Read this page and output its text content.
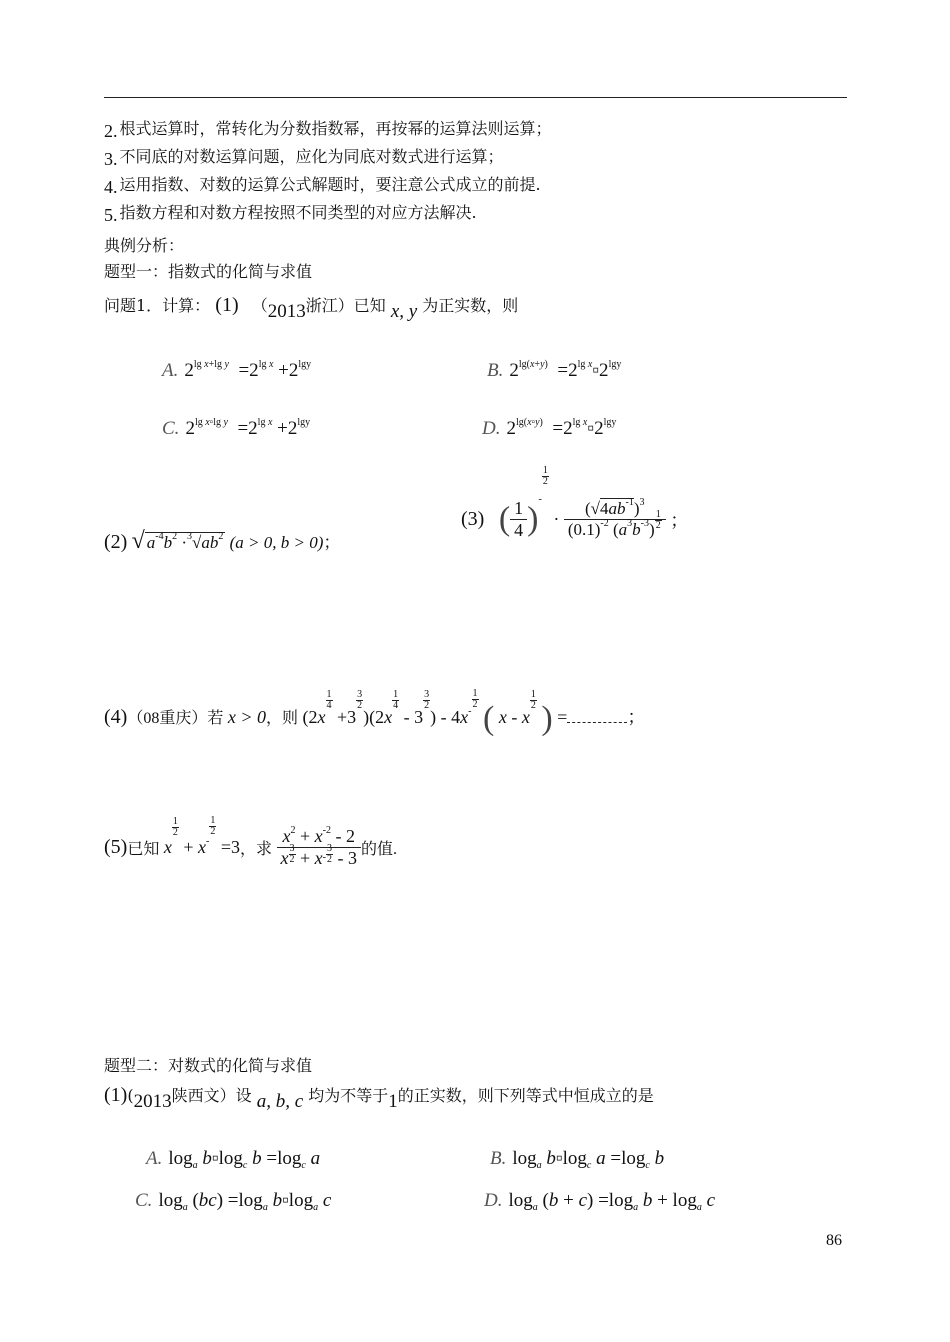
2. 根式运算时，常转化为分数指数幂，再按幂的运算法则运算；
3. 不同底的对数运算问题，应化为同底对数式进行运算；
4. 运用指数、对数的运算公式解题时，要注意公式成立的前提.
5. 指数方程和对数方程按照不同类型的对应方法解决.
典例分析：
题型一：指数式的化简与求值
问题1．计算： (1) （2013浙江）已知 x, y 为正实数，则
A. $2^{lg x+lg y} =2^{lg x} +2^{lgy}$	B. $2^{lg(x+y)}$  $=2^{lg x}▫2^{lgy}$
C. $2^{lg x▫lg y} =2^{lg x} +2^{lgy}$	D. $2^{lg(x▫y)}$  $=2^{lg x}▫2^{lgy}$
(2) √ $a^{-4}b^2 \cdot^3√ab^2$ (a > 0, b > 0)；
(3) ( $\frac{1}{4} )^{- \frac{1}{2}}$
· $\frac{(√4ab^{-1})^3}{(0.1)^{-2} (a^3b^{-3}) \frac{1}{2}}$ ；
(4)（08重庆）若 x > 0，则 (2x
$\frac{1}{4}$
+3
$\frac{3}{2}$
)(2x
$\frac{1}{4}$
- 3
$\frac{3}{2}$
) - $4x^{- \frac{1}{2}}$
( x - x
$\frac{1}{2}$ ) =	；
(5)已知 x
$\frac{1}{2}$
+ $x^{- \frac{1}{2}}$
=3，求 $x^2 + x^{-2} - 2$
x $\frac{3}{2} + x^{- \frac{3}{2}} - 3$ 的值.
题型二：对数式的化简与求值
(1)(2013陕西文）设 a, b, c 均为不等于1的正实数，则下列等式中恒成立的是
A. $\log_a$ $b▫\log_c$ $b =\log_c$ a	B. $\log_a$ $b▫\log_c$ $a =\log_c$ b
C. $\log_a (bc) =\log_a$ $b▫\log_a$ c	D. $\log_a (b + c) =\log_a$ $b + \log_a c$
86
